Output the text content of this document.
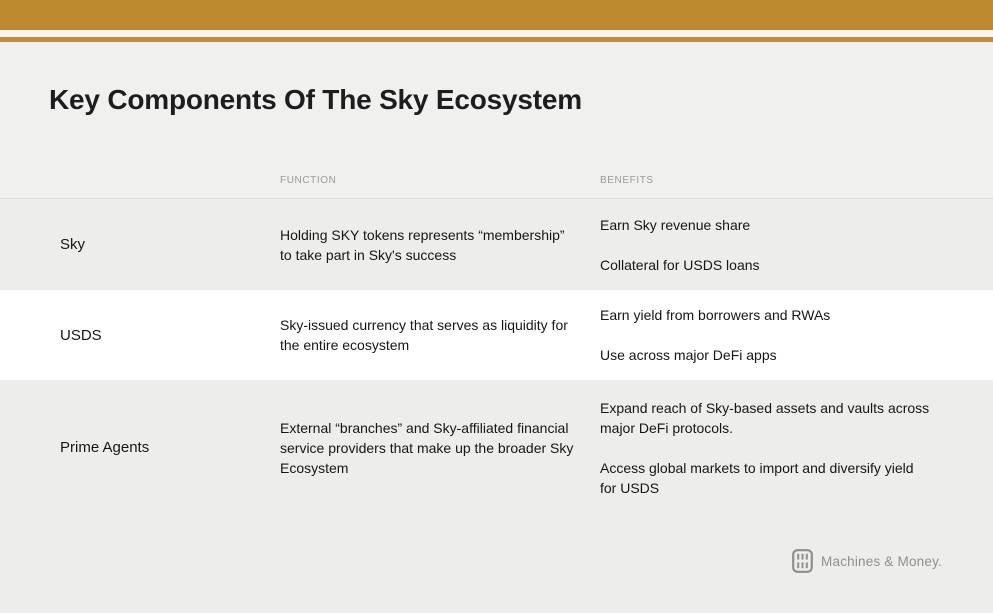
Key Components Of The Sky Ecosystem
FUNCTION	BENEFITS
Sky
Holding SKY tokens represents “membership” to take part in Sky's success
Earn Sky revenue share
Collateral for USDS loans
USDS
Sky-issued currency that serves as liquidity for the entire ecosystem
Earn yield from borrowers and RWAs
Use across major DeFi apps
Prime Agents
External “branches” and Sky-affiliated financial service providers that make up the broader Sky Ecosystem
Expand reach of Sky-based assets and vaults across major DeFi protocols.
Access global markets to import and diversify yield for USDS
Machines & Money.
